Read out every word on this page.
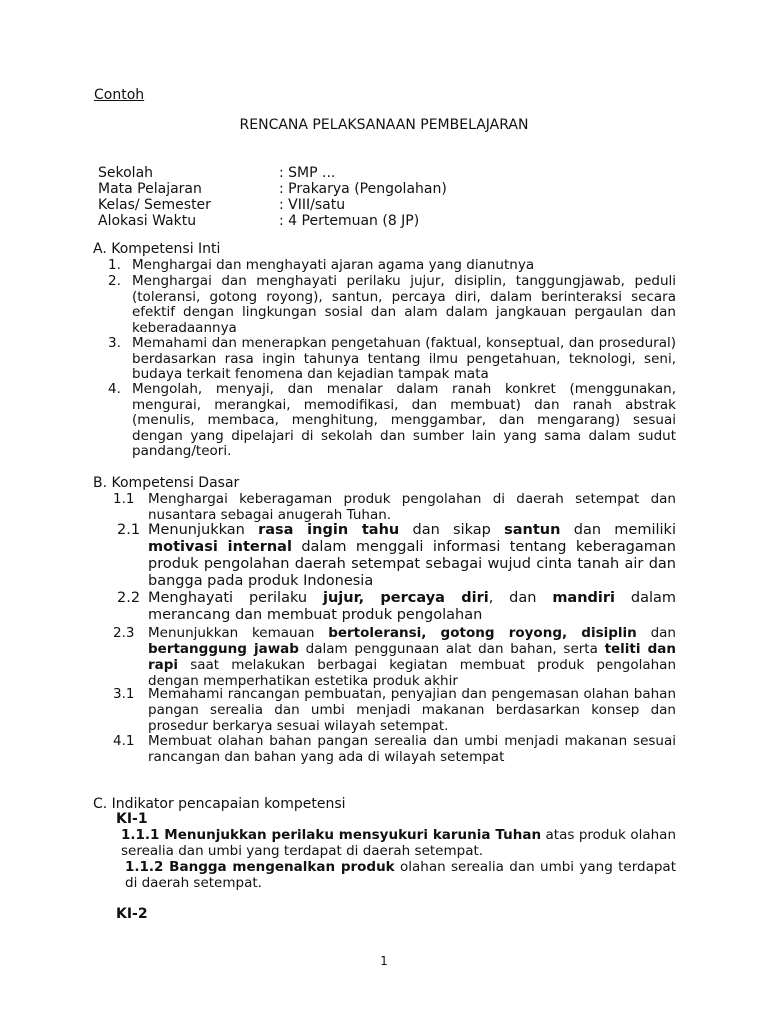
Contoh
RENCANA PELAKSANAAN PEMBELAJARAN
Sekolah	: SMP ...
Mata Pelajaran	: Prakarya (Pengolahan)
Kelas/ Semester	: VIII/satu
Alokasi Waktu	: 4 Pertemuan (8 JP)
A. Kompetensi Inti
1. Menghargai dan menghayati ajaran agama yang dianutnya
2. Menghargai dan menghayati perilaku jujur, disiplin, tanggungjawab, peduli (toleransi, gotong royong), santun, percaya diri, dalam berinteraksi secara efektif dengan lingkungan sosial dan alam dalam jangkauan pergaulan dan keberadaannya
3. Memahami dan menerapkan pengetahuan (faktual, konseptual, dan prosedural) berdasarkan rasa ingin tahunya tentang ilmu pengetahuan, teknologi, seni, budaya terkait fenomena dan kejadian tampak mata
4. Mengolah, menyaji, dan menalar dalam ranah konkret (menggunakan, mengurai, merangkai, memodifikasi, dan membuat) dan ranah abstrak (menulis, membaca, menghitung, menggambar, dan mengarang) sesuai dengan yang dipelajari di sekolah dan sumber lain yang sama dalam sudut pandang/teori.
B. Kompetensi Dasar
1.1 Menghargai keberagaman produk pengolahan di daerah setempat dan nusantara sebagai anugerah Tuhan.
2.1 Menunjukkan rasa ingin tahu dan sikap santun dan memiliki motivasi internal dalam menggali informasi tentang keberagaman produk pengolahan daerah setempat sebagai wujud cinta tanah air dan bangga pada produk Indonesia
2.2 Menghayati perilaku jujur, percaya diri, dan mandiri dalam merancang dan membuat produk pengolahan
2.3 Menunjukkan kemauan bertoleransi, gotong royong, disiplin dan bertanggung jawab dalam penggunaan alat dan bahan, serta teliti dan rapi saat melakukan berbagai kegiatan membuat produk pengolahan dengan memperhatikan estetika produk akhir
3.1 Memahami rancangan pembuatan, penyajian dan pengemasan olahan bahan pangan serealia dan umbi menjadi makanan berdasarkan konsep dan prosedur berkarya sesuai wilayah setempat.
4.1 Membuat olahan bahan pangan serealia dan umbi menjadi makanan sesuai rancangan dan bahan yang ada di wilayah setempat
C. Indikator pencapaian kompetensi
KI-1
1.1.1 Menunjukkan perilaku mensyukuri karunia Tuhan atas produk olahan serealia dan umbi yang terdapat di daerah setempat.
1.1.2 Bangga mengenalkan produk olahan serealia dan umbi yang terdapat di daerah setempat.
KI-2
1
